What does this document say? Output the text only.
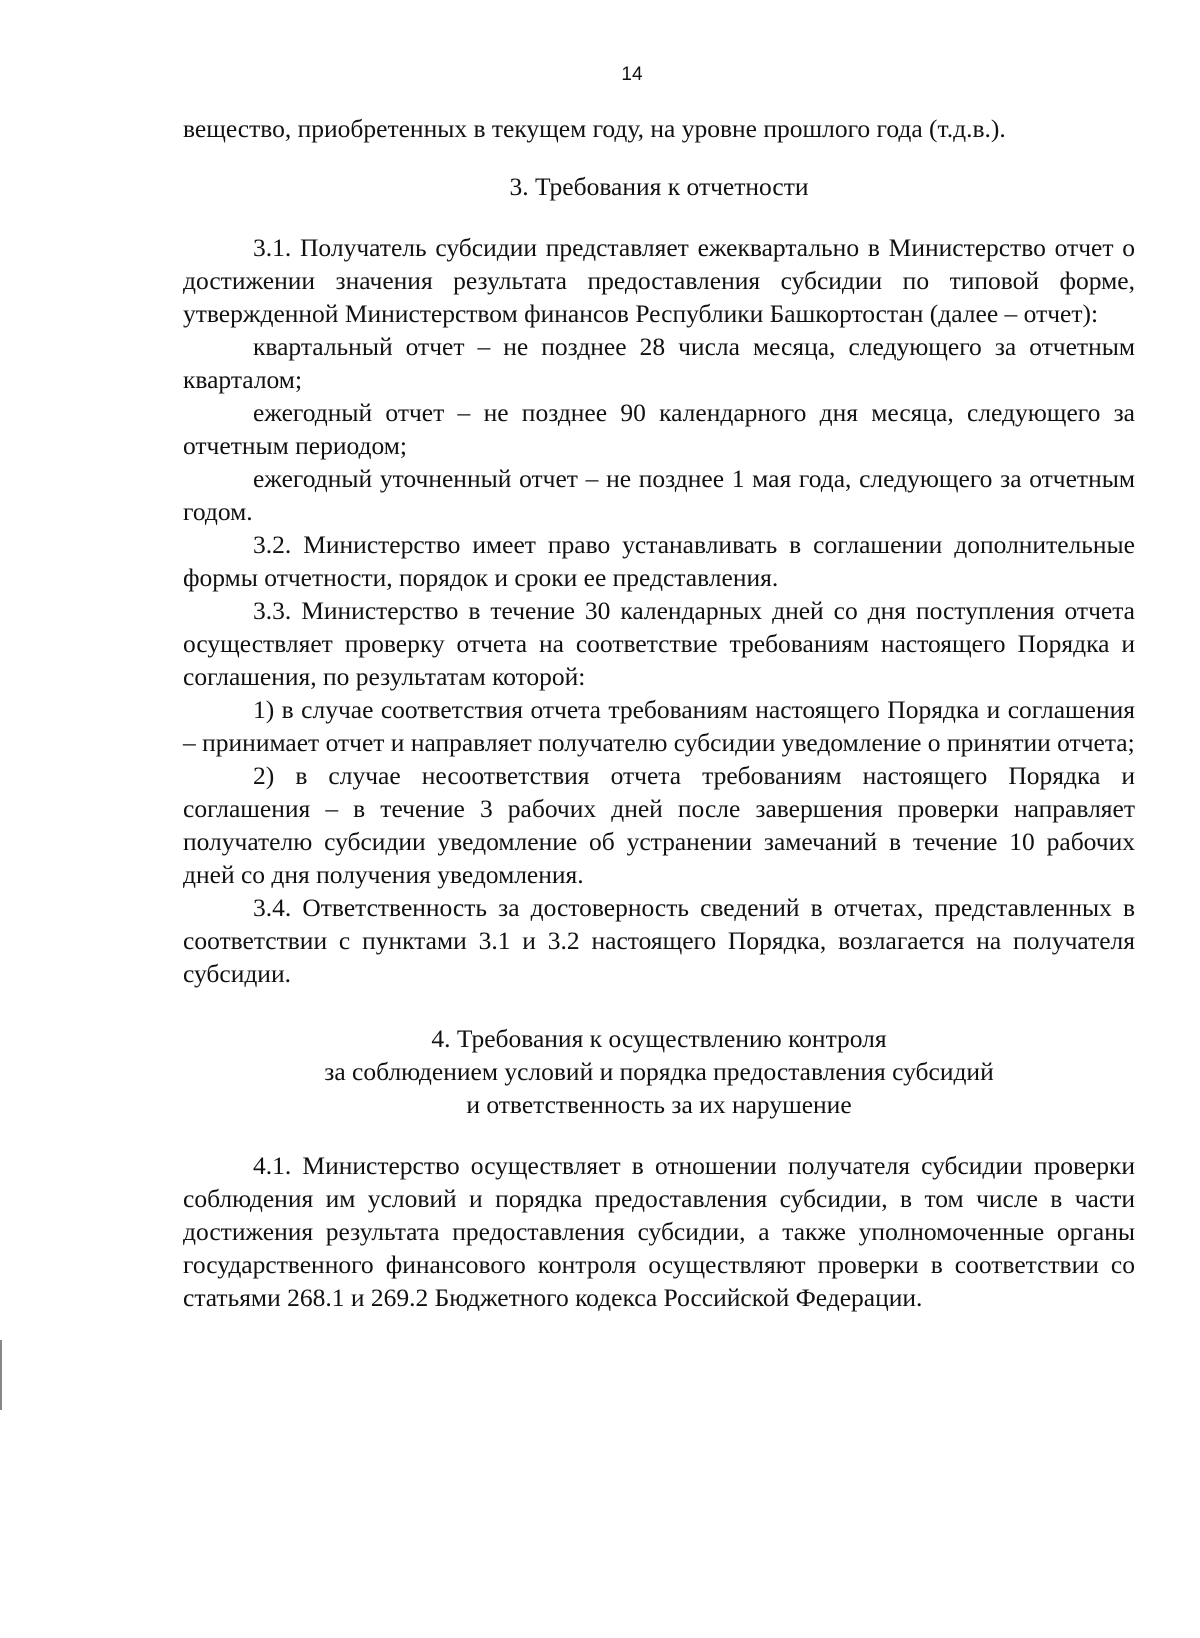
14

вещество, приобретенных в текущем году, на уровне прошлого года (т.д.в.).

3. Требования к отчетности

3.1. Получатель субсидии представляет ежеквартально в Министерство отчет о достижении значения результата предоставления субсидии по типовой форме, утвержденной Министерством финансов Республики Башкортостан (далее – отчет):

квартальный отчет – не позднее 28 числа месяца, следующего за отчетным кварталом;

ежегодный отчет – не позднее 90 календарного дня месяца, следующего за отчетным периодом;

ежегодный уточненный отчет – не позднее 1 мая года, следующего за отчетным годом.

3.2. Министерство имеет право устанавливать в соглашении дополнительные формы отчетности, порядок и сроки ее представления.

3.3. Министерство в течение 30 календарных дней со дня поступления отчета осуществляет проверку отчета на соответствие требованиям настоящего Порядка и соглашения, по результатам которой:

1) в случае соответствия отчета требованиям настоящего Порядка и соглашения – принимает отчет и направляет получателю субсидии уведомление о принятии отчета;

2) в случае несоответствия отчета требованиям настоящего Порядка и соглашения – в течение 3 рабочих дней после завершения проверки направляет получателю субсидии уведомление об устранении замечаний в течение 10 рабочих дней со дня получения уведомления.

3.4. Ответственность за достоверность сведений в отчетах, представленных в соответствии с пунктами 3.1 и 3.2 настоящего Порядка, возлагается на получателя субсидии.

4. Требования к осуществлению контроля
за соблюдением условий и порядка предоставления субсидий
и ответственность за их нарушение

4.1. Министерство осуществляет в отношении получателя субсидии проверки соблюдения им условий и порядка предоставления субсидии, в том числе в части достижения результата предоставления субсидии, а также уполномоченные органы государственного финансового контроля осуществляют проверки в соответствии со статьями 268.1 и 269.2 Бюджетного кодекса Российской Федерации.
